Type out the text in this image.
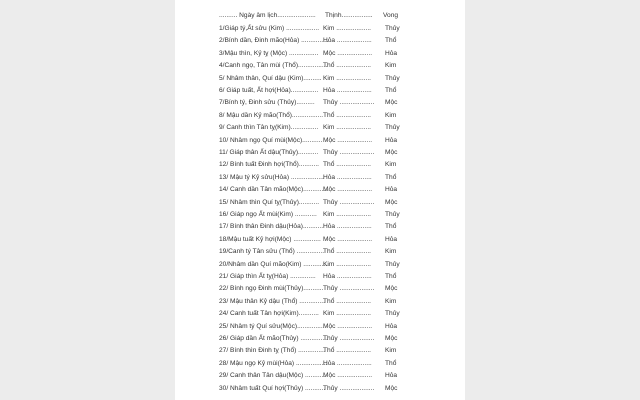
.......... Ngày âm lịch.....................

Thịnh.................

Vong

1/Giáp tý,Ất sửu (Kim) .................. Kim ................... Thủy
2/Bính dần, Đinh mão(Hỏa) ...............
Hỏa ................... Thổ
3/Mậu thìn, Kỷ tỵ (Mộc) ................ Mộc ................... Hỏa
4/Canh ngọ, Tân mùi (Thổ)................
Thổ ................... Kim
5/ Nhâm thân, Quí dậu (Kim).......... Kim ................... Thủy
6/ Giáp tuất, Ất hợi(Hỏa)............... Hỏa ................... Thổ
7/Bính tý, Đinh sửu (Thủy).......... Thủy ................... Mộc
8/ Mậu dần Kỷ mão(Thổ)................. Thổ ................... Kim
9/ Canh thìn Tân tỵ(Kim)............... Kim ................... Thủy
10/ Nhâm ngọ Quí mùi(Mộc)........... Mộc ................... Hỏa
11/ Giáp thân Ất dậu(Thủy)........... Thủy ................... Mộc
12/ Bính tuất Đinh hợi(Thổ)........... Thổ ................... Kim
13/ Mậu tý Kỷ sửu(Hỏa) .................. Hỏa ................... Thổ
14/ Canh dần Tân mão(Mộc)..............
Mộc ................... Hỏa
15/ Nhâm thìn Quí tỵ(Thủy)........... Thủy ................... Mộc
16/ Giáp ngọ Ất mùi(Kim) ............ Kim ................... Thủy
17/ Bính thân Đinh dậu(Hỏa)........... Hỏa ................... Thổ
18/Mậu tuất Kỷ hợi(Mộc) ............... Mộc ................... Hỏa
19/Canh tý Tân sửu (Thổ) ...............
Thổ ................... Kim
20/Nhâm dần Quí mão(Kim) ..............
Kim ................... Thủy
21/ Giáp thìn Ất tỵ(Hỏa) .............. Hỏa ................... Thổ
22/ Bính ngọ Đinh mùi(Thủy)........... Thủy ................... Mộc
23/ Mậu thân Kỷ dậu (Thổ) ..............
Thổ ................... Kim
24/ Canh tuất Tân hợi(Kim)........... Kim ................... Thủy
25/ Nhâm tý Quí sửu(Mộc)...............
Mộc ................... Hỏa
26/ Giáp dần Ất mão(Thủy) ...............
Thủy ................... Mộc
27/ Bính thìn Đinh tỵ (Thổ) ...............
Thổ ................... Kim
28/ Mậu ngọ Kỷ mùi(Hỏa) .................
Hỏa ................... Thổ
29/ Canh thân Tân dậu(Mộc) ...........
Mộc ................... Hỏa
30/ Nhâm tuất Quí hợi(Thủy) ...........
Thủy ................... Mộc
